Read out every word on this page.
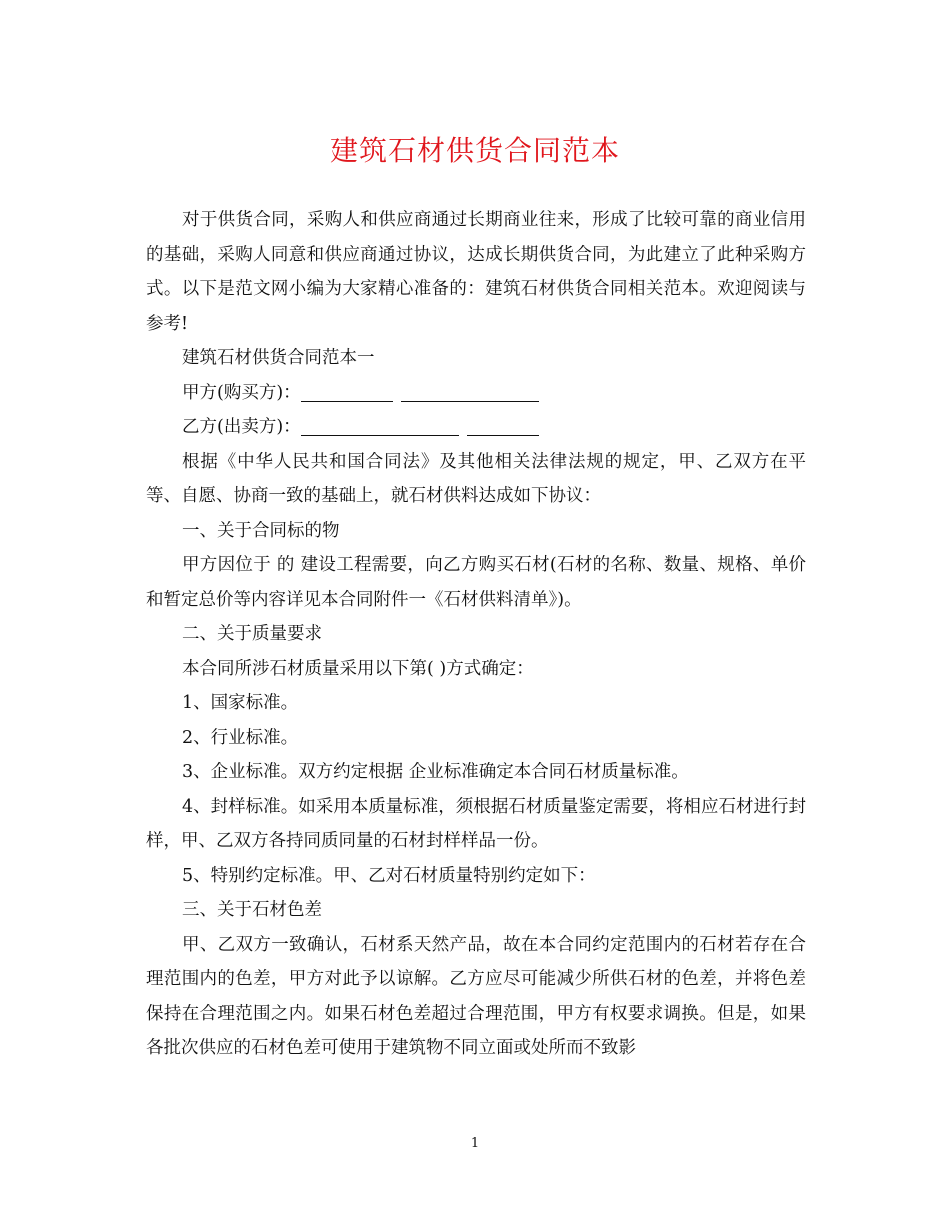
建筑石材供货合同范本

对于供货合同，采购人和供应商通过长期商业往来，形成了比较可靠的商业信用的基础，采购人同意和供应商通过协议，达成长期供货合同，为此建立了此种采购方式。以下是范文网小编为大家精心准备的：建筑石材供货合同相关范本。欢迎阅读与参考!

建筑石材供货合同范本一

甲方(购买方)： 

乙方(出卖方)： 

根据《中华人民共和国合同法》及其他相关法律法规的规定，甲、乙双方在平等、自愿、协商一致的基础上，就石材供料达成如下协议：

一、关于合同标的物

甲方因位于 的 建设工程需要，向乙方购买石材(石材的名称、数量、规格、单价和暂定总价等内容详见本合同附件一《石材供料清单》)。

二、关于质量要求

本合同所涉石材质量采用以下第( )方式确定：

1、国家标准。

2、行业标准。

3、企业标准。双方约定根据 企业标准确定本合同石材质量标准。

4、封样标准。如采用本质量标准，须根据石材质量鉴定需要，将相应石材进行封样，甲、乙双方各持同质同量的石材封样样品一份。

5、特别约定标准。甲、乙对石材质量特别约定如下：

三、关于石材色差

甲、乙双方一致确认，石材系天然产品，故在本合同约定范围内的石材若存在合理范围内的色差，甲方对此予以谅解。乙方应尽可能减少所供石材的色差，并将色差保持在合理范围之内。如果石材色差超过合理范围，甲方有权要求调换。但是，如果各批次供应的石材色差可使用于建筑物不同立面或处所而不致影

1
